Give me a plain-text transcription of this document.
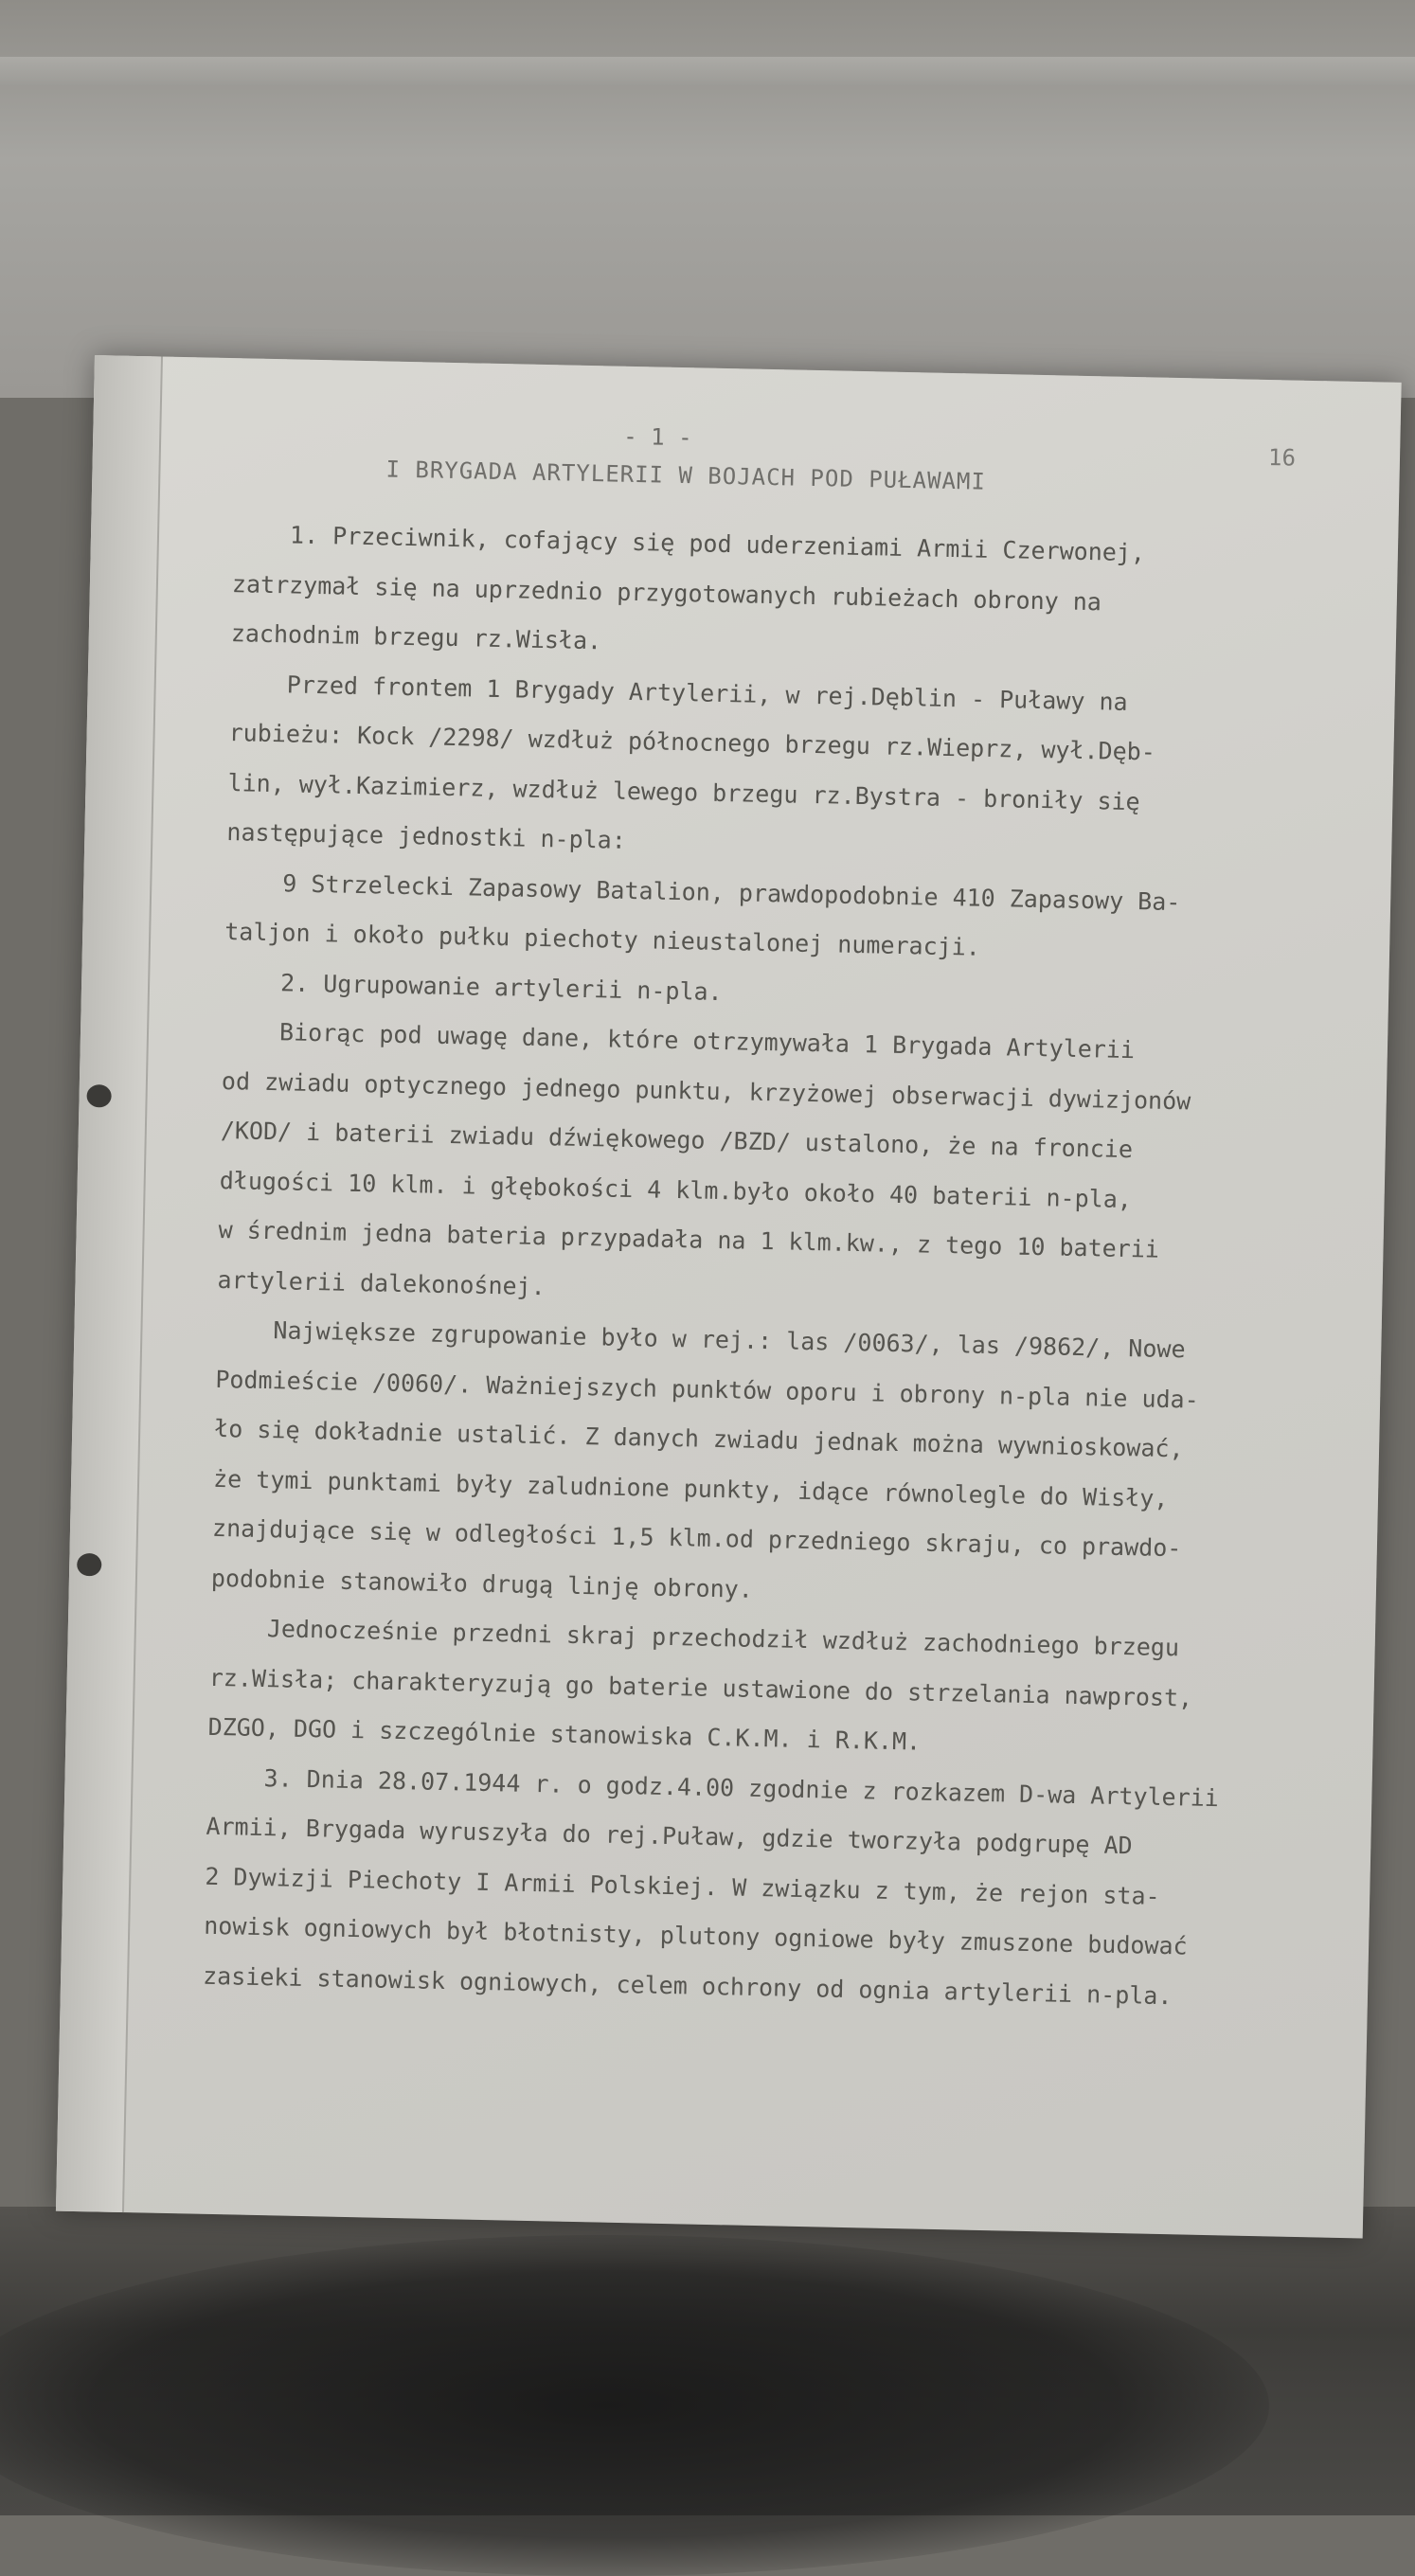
- 1 -
16
I BRYGADA ARTYLERII W BOJACH POD PUŁAWAMI
1. Przeciwnik, cofający się pod uderzeniami Armii Czerwonej,
zatrzymał się na uprzednio przygotowanych rubieżach obrony na
zachodnim brzegu rz.Wisła.
Przed frontem 1 Brygady Artylerii, w rej.Dęblin - Puławy na
rubieżu: Kock /2298/ wzdłuż północnego brzegu rz.Wieprz, wył.Dęb-
lin, wył.Kazimierz, wzdłuż lewego brzegu rz.Bystra - broniły się
następujące jednostki n-pla:
9 Strzelecki Zapasowy Batalion, prawdopodobnie 410 Zapasowy Ba-
taljon i około pułku piechoty nieustalonej numeracji.
2. Ugrupowanie artylerii n-pla.
Biorąc pod uwagę dane, które otrzymywała 1 Brygada Artylerii
od zwiadu optycznego jednego punktu, krzyżowej obserwacji dywizjonów
/KOD/ i baterii zwiadu dźwiękowego /BZD/ ustalono, że na froncie
długości 10 klm. i głębokości 4 klm.było około 40 baterii n-pla,
w średnim jedna bateria przypadała na 1 klm.kw., z tego 10 baterii
artylerii dalekonośnej.
Największe zgrupowanie było w rej.: las /0063/, las /9862/, Nowe
Podmieście /0060/. Ważniejszych punktów oporu i obrony n-pla nie uda-
ło się dokładnie ustalić. Z danych zwiadu jednak można wywnioskować,
że tymi punktami były zaludnione punkty, idące równolegle do Wisły,
znajdujące się w odległości 1,5 klm.od przedniego skraju, co prawdo-
podobnie stanowiło drugą linję obrony.
Jednocześnie przedni skraj przechodził wzdłuż zachodniego brzegu
rz.Wisła; charakteryzują go baterie ustawione do strzelania nawprost,
DZGO, DGO i szczególnie stanowiska C.K.M. i R.K.M.
3. Dnia 28.07.1944 r. o godz.4.00 zgodnie z rozkazem D-wa Artylerii
Armii, Brygada wyruszyła do rej.Puław, gdzie tworzyła podgrupę AD
2 Dywizji Piechoty I Armii Polskiej. W związku z tym, że rejon sta-
nowisk ogniowych był błotnisty, plutony ogniowe były zmuszone budować
zasieki stanowisk ogniowych, celem ochrony od ognia artylerii n-pla.
